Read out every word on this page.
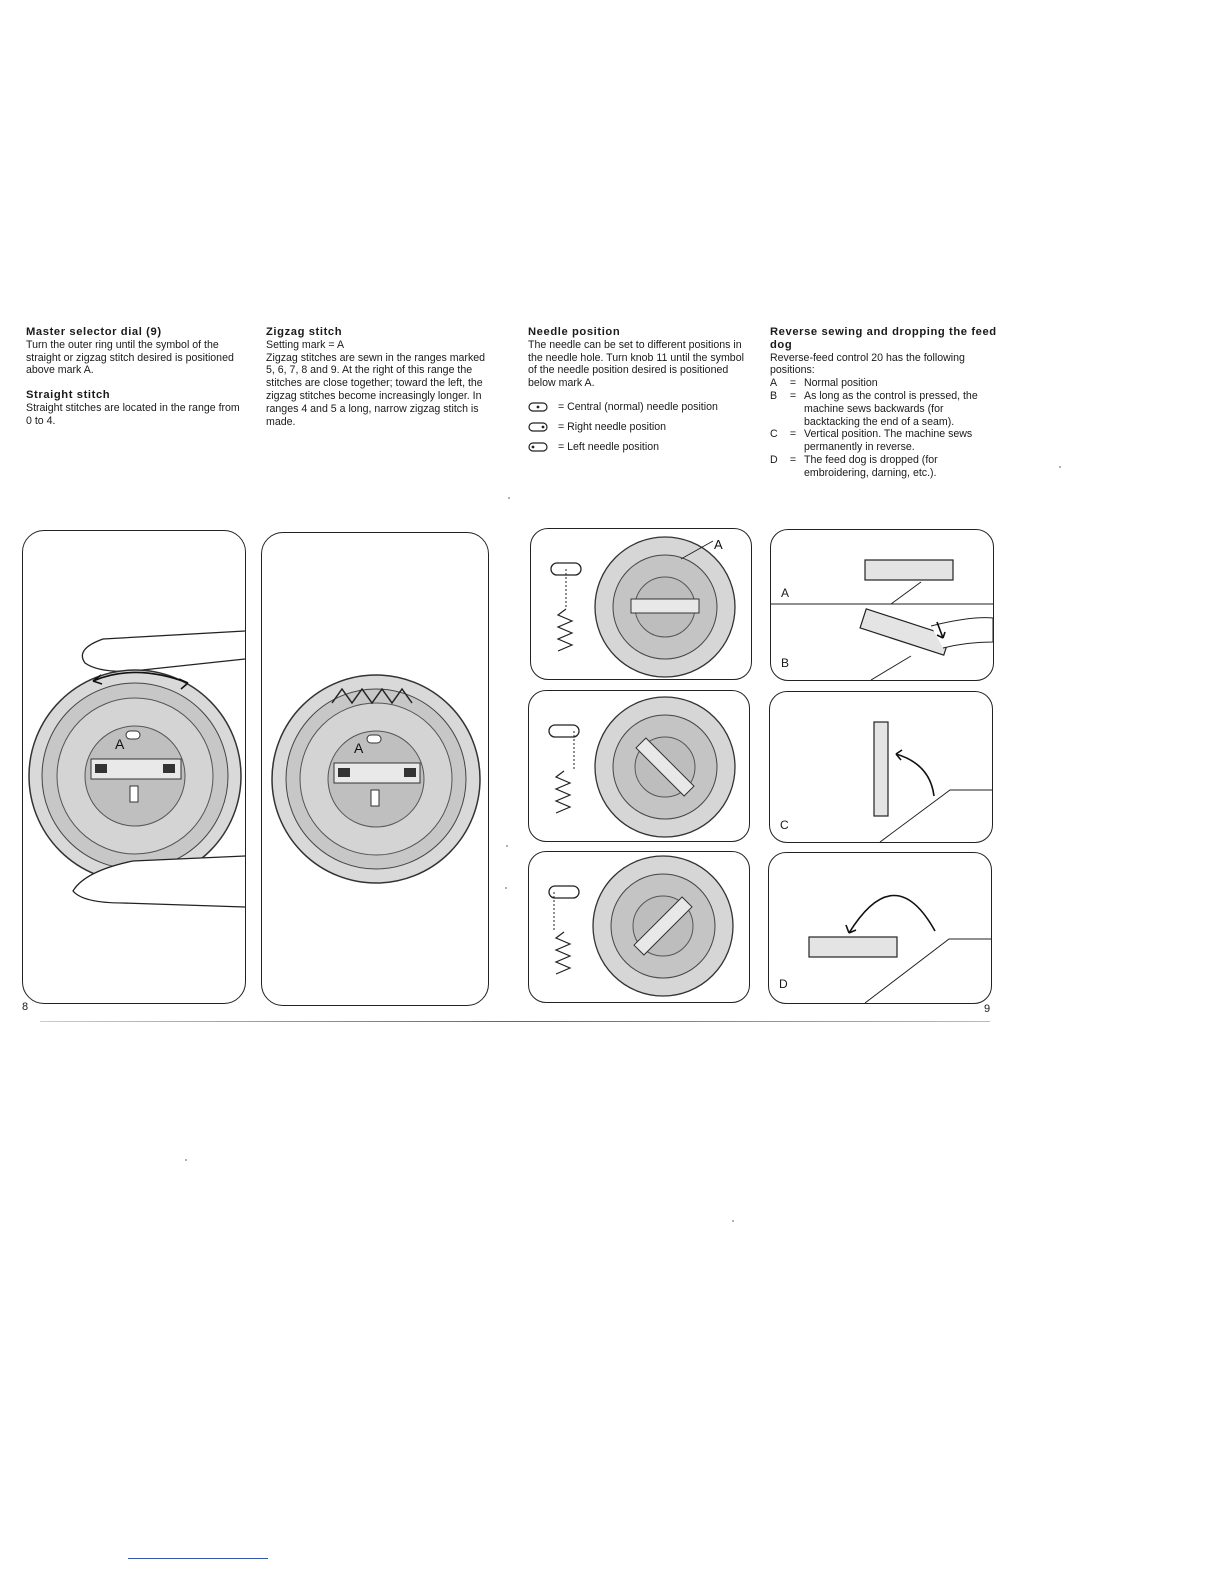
Master selector dial (9)

Turn the outer ring until the symbol of the straight or zigzag stitch desired is positioned above mark A.

Straight stitch

Straight stitches are located in the range from 0 to 4.

Zigzag stitch

Setting mark = A

Zigzag stitches are sewn in the ranges marked 5, 6, 7, 8 and 9. At the right of this range the stitches are close together; toward the left, the zigzag stitches become increasingly longer. In ranges 4 and 5 a long, narrow zigzag stitch is made.

Needle position

The needle can be set to different positions in the needle hole. Turn knob 11 until the symbol of the needle position desired is positioned below mark A.

= Central (normal) needle position
= Right needle position
= Left needle position
Reverse sewing and dropping the feed dog

Reverse-feed control 20 has the following positions:

A	= Normal position
B	= As long as the control is pressed, the machine sews backwards (for backtacking the end of a seam).
C	= Vertical position. The machine sews permanently in reverse.
D	= The feed dog is dropped (for embroidering, darning, etc.).
A	A
A
A
B
C
D
8	9
